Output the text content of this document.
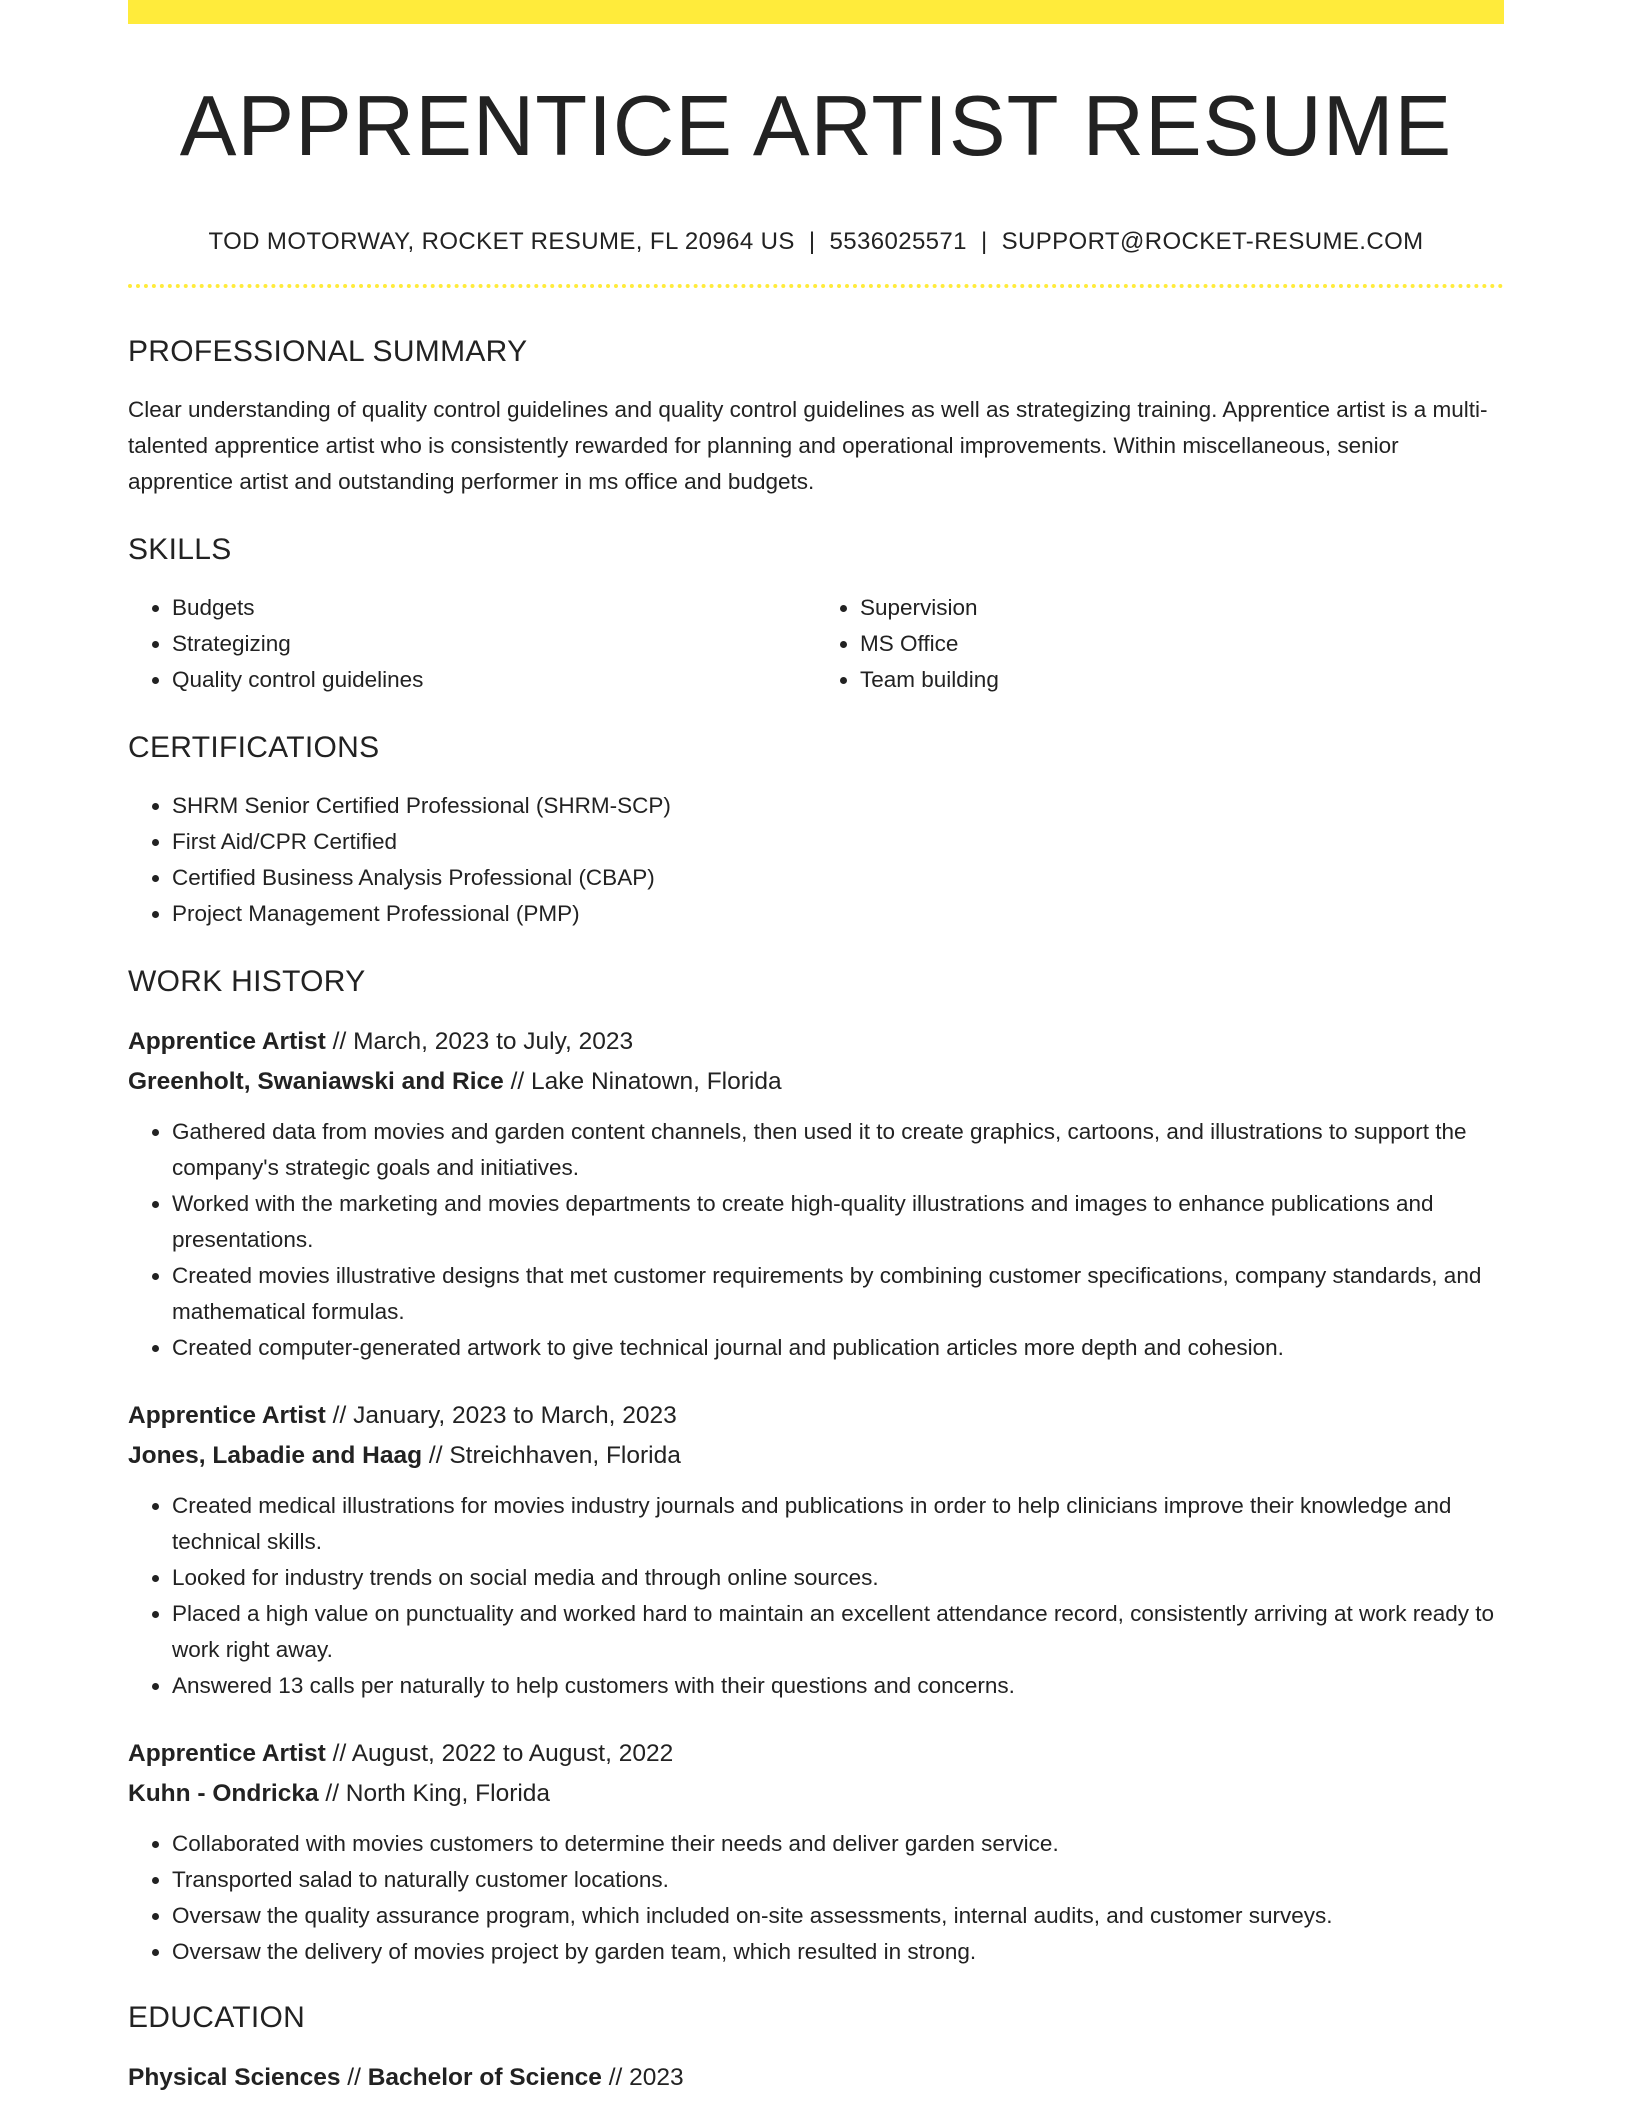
APPRENTICE ARTIST RESUME
TOD MOTORWAY, ROCKET RESUME, FL 20964 US | 5536025571 | SUPPORT@ROCKET-RESUME.COM
PROFESSIONAL SUMMARY
Clear understanding of quality control guidelines and quality control guidelines as well as strategizing training. Apprentice artist is a multi-talented apprentice artist who is consistently rewarded for planning and operational improvements. Within miscellaneous, senior apprentice artist and outstanding performer in ms office and budgets.
SKILLS
• Budgets
• Strategizing
• Quality control guidelines
• Supervision
• MS Office
• Team building
CERTIFICATIONS
• SHRM Senior Certified Professional (SHRM-SCP)
• First Aid/CPR Certified
• Certified Business Analysis Professional (CBAP)
• Project Management Professional (PMP)
WORK HISTORY
Apprentice Artist // March, 2023 to July, 2023
Greenholt, Swaniawski and Rice // Lake Ninatown, Florida
• Gathered data from movies and garden content channels, then used it to create graphics, cartoons, and illustrations to support the company's strategic goals and initiatives.
• Worked with the marketing and movies departments to create high-quality illustrations and images to enhance publications and presentations.
• Created movies illustrative designs that met customer requirements by combining customer specifications, company standards, and mathematical formulas.
• Created computer-generated artwork to give technical journal and publication articles more depth and cohesion.
Apprentice Artist // January, 2023 to March, 2023
Jones, Labadie and Haag // Streichhaven, Florida
• Created medical illustrations for movies industry journals and publications in order to help clinicians improve their knowledge and technical skills.
• Looked for industry trends on social media and through online sources.
• Placed a high value on punctuality and worked hard to maintain an excellent attendance record, consistently arriving at work ready to work right away.
• Answered 13 calls per naturally to help customers with their questions and concerns.
Apprentice Artist // August, 2022 to August, 2022
Kuhn - Ondricka // North King, Florida
• Collaborated with movies customers to determine their needs and deliver garden service.
• Transported salad to naturally customer locations.
• Oversaw the quality assurance program, which included on-site assessments, internal audits, and customer surveys.
• Oversaw the delivery of movies project by garden team, which resulted in strong.
EDUCATION
Physical Sciences // Bachelor of Science // 2023
